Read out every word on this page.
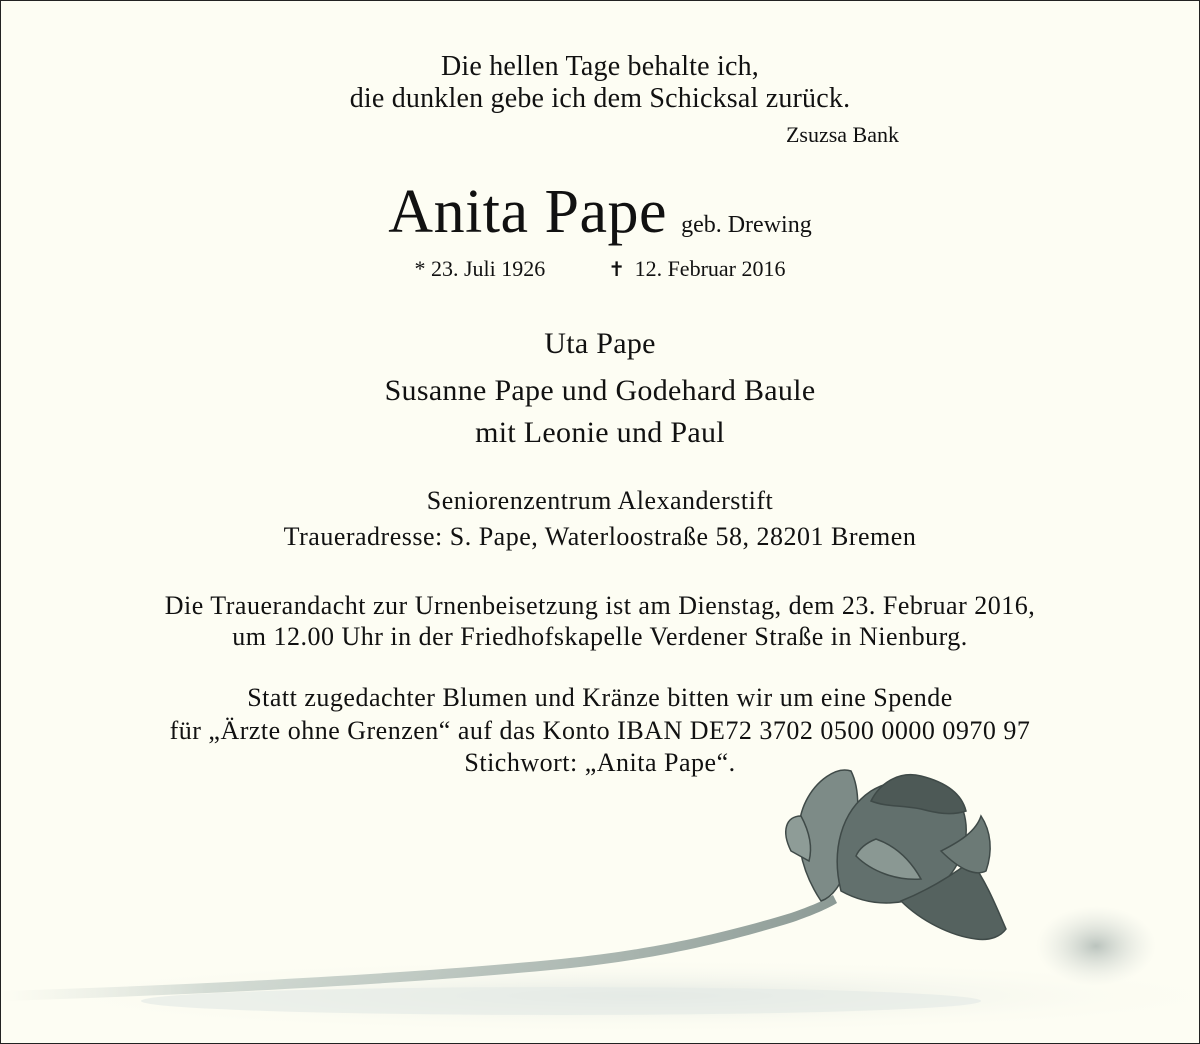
Die hellen Tage behalte ich,
die dunklen gebe ich dem Schicksal zurück.
Zsuzsa Bank
Anita Pape geb. Drewing
* 23. Juli 1926	✝ 12. Februar 2016
Uta Pape
Susanne Pape und Godehard Baule
mit Leonie und Paul
Seniorenzentrum Alexanderstift
Traueradresse: S. Pape, Waterloostraße 58, 28201 Bremen
Die Trauerandacht zur Urnenbeisetzung ist am Dienstag, dem 23. Februar 2016,
um 12.00 Uhr in der Friedhofskapelle Verdener Straße in Nienburg.
Statt zugedachter Blumen und Kränze bitten wir um eine Spende
für „Ärzte ohne Grenzen“ auf das Konto IBAN DE72 3702 0500 0000 0970 97
Stichwort: „Anita Pape“.
